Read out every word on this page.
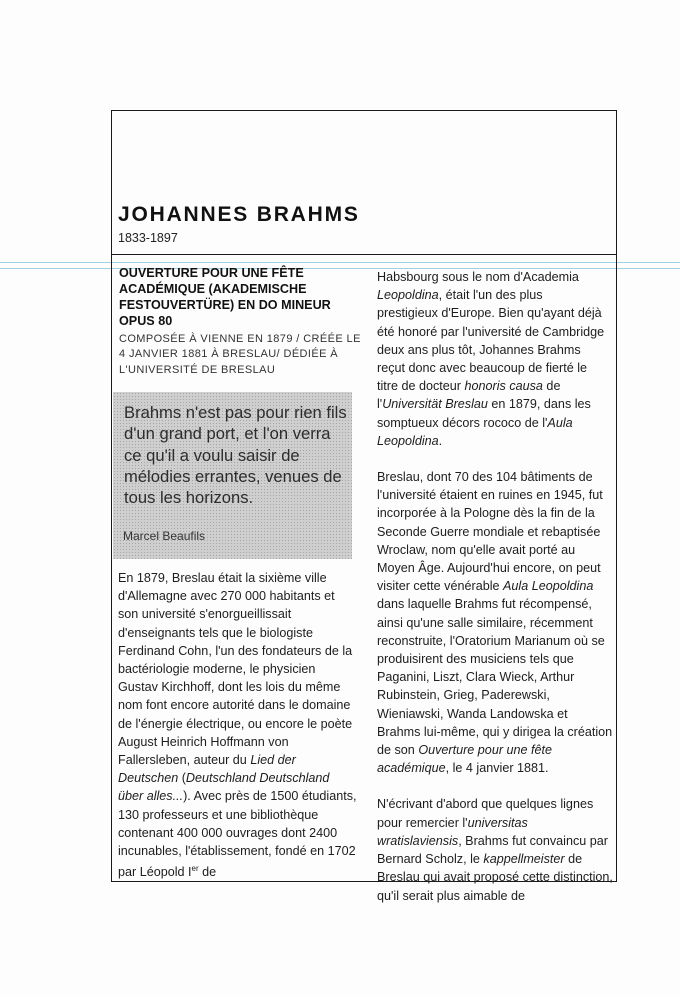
JOHANNES BRAHMS
1833-1897
OUVERTURE POUR UNE FÊTE ACADÉMIQUE (AKADEMISCHE FESTOUVERTÜRE) EN DO MINEUR OPUS 80
COMPOSÉE À VIENNE EN 1879 / CRÉÉE LE 4 JANVIER 1881 À BRESLAU/ DÉDIÉE À L'UNIVERSITÉ DE BRESLAU
Brahms n'est pas pour rien fils d'un grand port, et l'on verra ce qu'il a voulu saisir de mélodies errantes, venues de tous les horizons.
Marcel Beaufils

En 1879, Breslau était la sixième ville d'Allemagne avec 270 000 habitants et son université s'enorgueillissait d'enseignants tels que le biologiste Ferdinand Cohn, l'un des fondateurs de la bactériologie moderne, le physicien Gustav Kirchhoff, dont les lois du même nom font encore autorité dans le domaine de l'énergie électrique, ou encore le poète August Heinrich Hoffmann von Fallersleben, auteur du Lied der Deutschen (Deutschland Deutschland über alles...). Avec près de 1500 étudiants, 130 professeurs et une bibliothèque contenant 400 000 ouvrages dont 2400 incunables, l'établissement, fondé en 1702 par Léopold Ier de

Habsbourg sous le nom d'Academia Leopoldina, était l'un des plus prestigieux d'Europe. Bien qu'ayant déjà été honoré par l'université de Cambridge deux ans plus tôt, Johannes Brahms reçut donc avec beaucoup de fierté le titre de docteur honoris causa de l'Universität Breslau en 1879, dans les somptueux décors rococo de l'Aula Leopoldina.

Breslau, dont 70 des 104 bâtiments de l'université étaient en ruines en 1945, fut incorporée à la Pologne dès la fin de la Seconde Guerre mondiale et rebaptisée Wroclaw, nom qu'elle avait porté au Moyen Âge. Aujourd'hui encore, on peut visiter cette vénérable Aula Leopoldina dans laquelle Brahms fut récompensé, ainsi qu'une salle similaire, récemment reconstruite, l'Oratorium Marianum où se produisirent des musiciens tels que Paganini, Liszt, Clara Wieck, Arthur Rubinstein, Grieg, Paderewski, Wieniawski, Wanda Landowska et Brahms lui-même, qui y dirigea la création de son Ouverture pour une fête académique, le 4 janvier 1881.

N'écrivant d'abord que quelques lignes pour remercier l'universitas wratislaviensis, Brahms fut convaincu par Bernard Scholz, le kappellmeister de Breslau qui avait proposé cette distinction, qu'il serait plus aimable de
